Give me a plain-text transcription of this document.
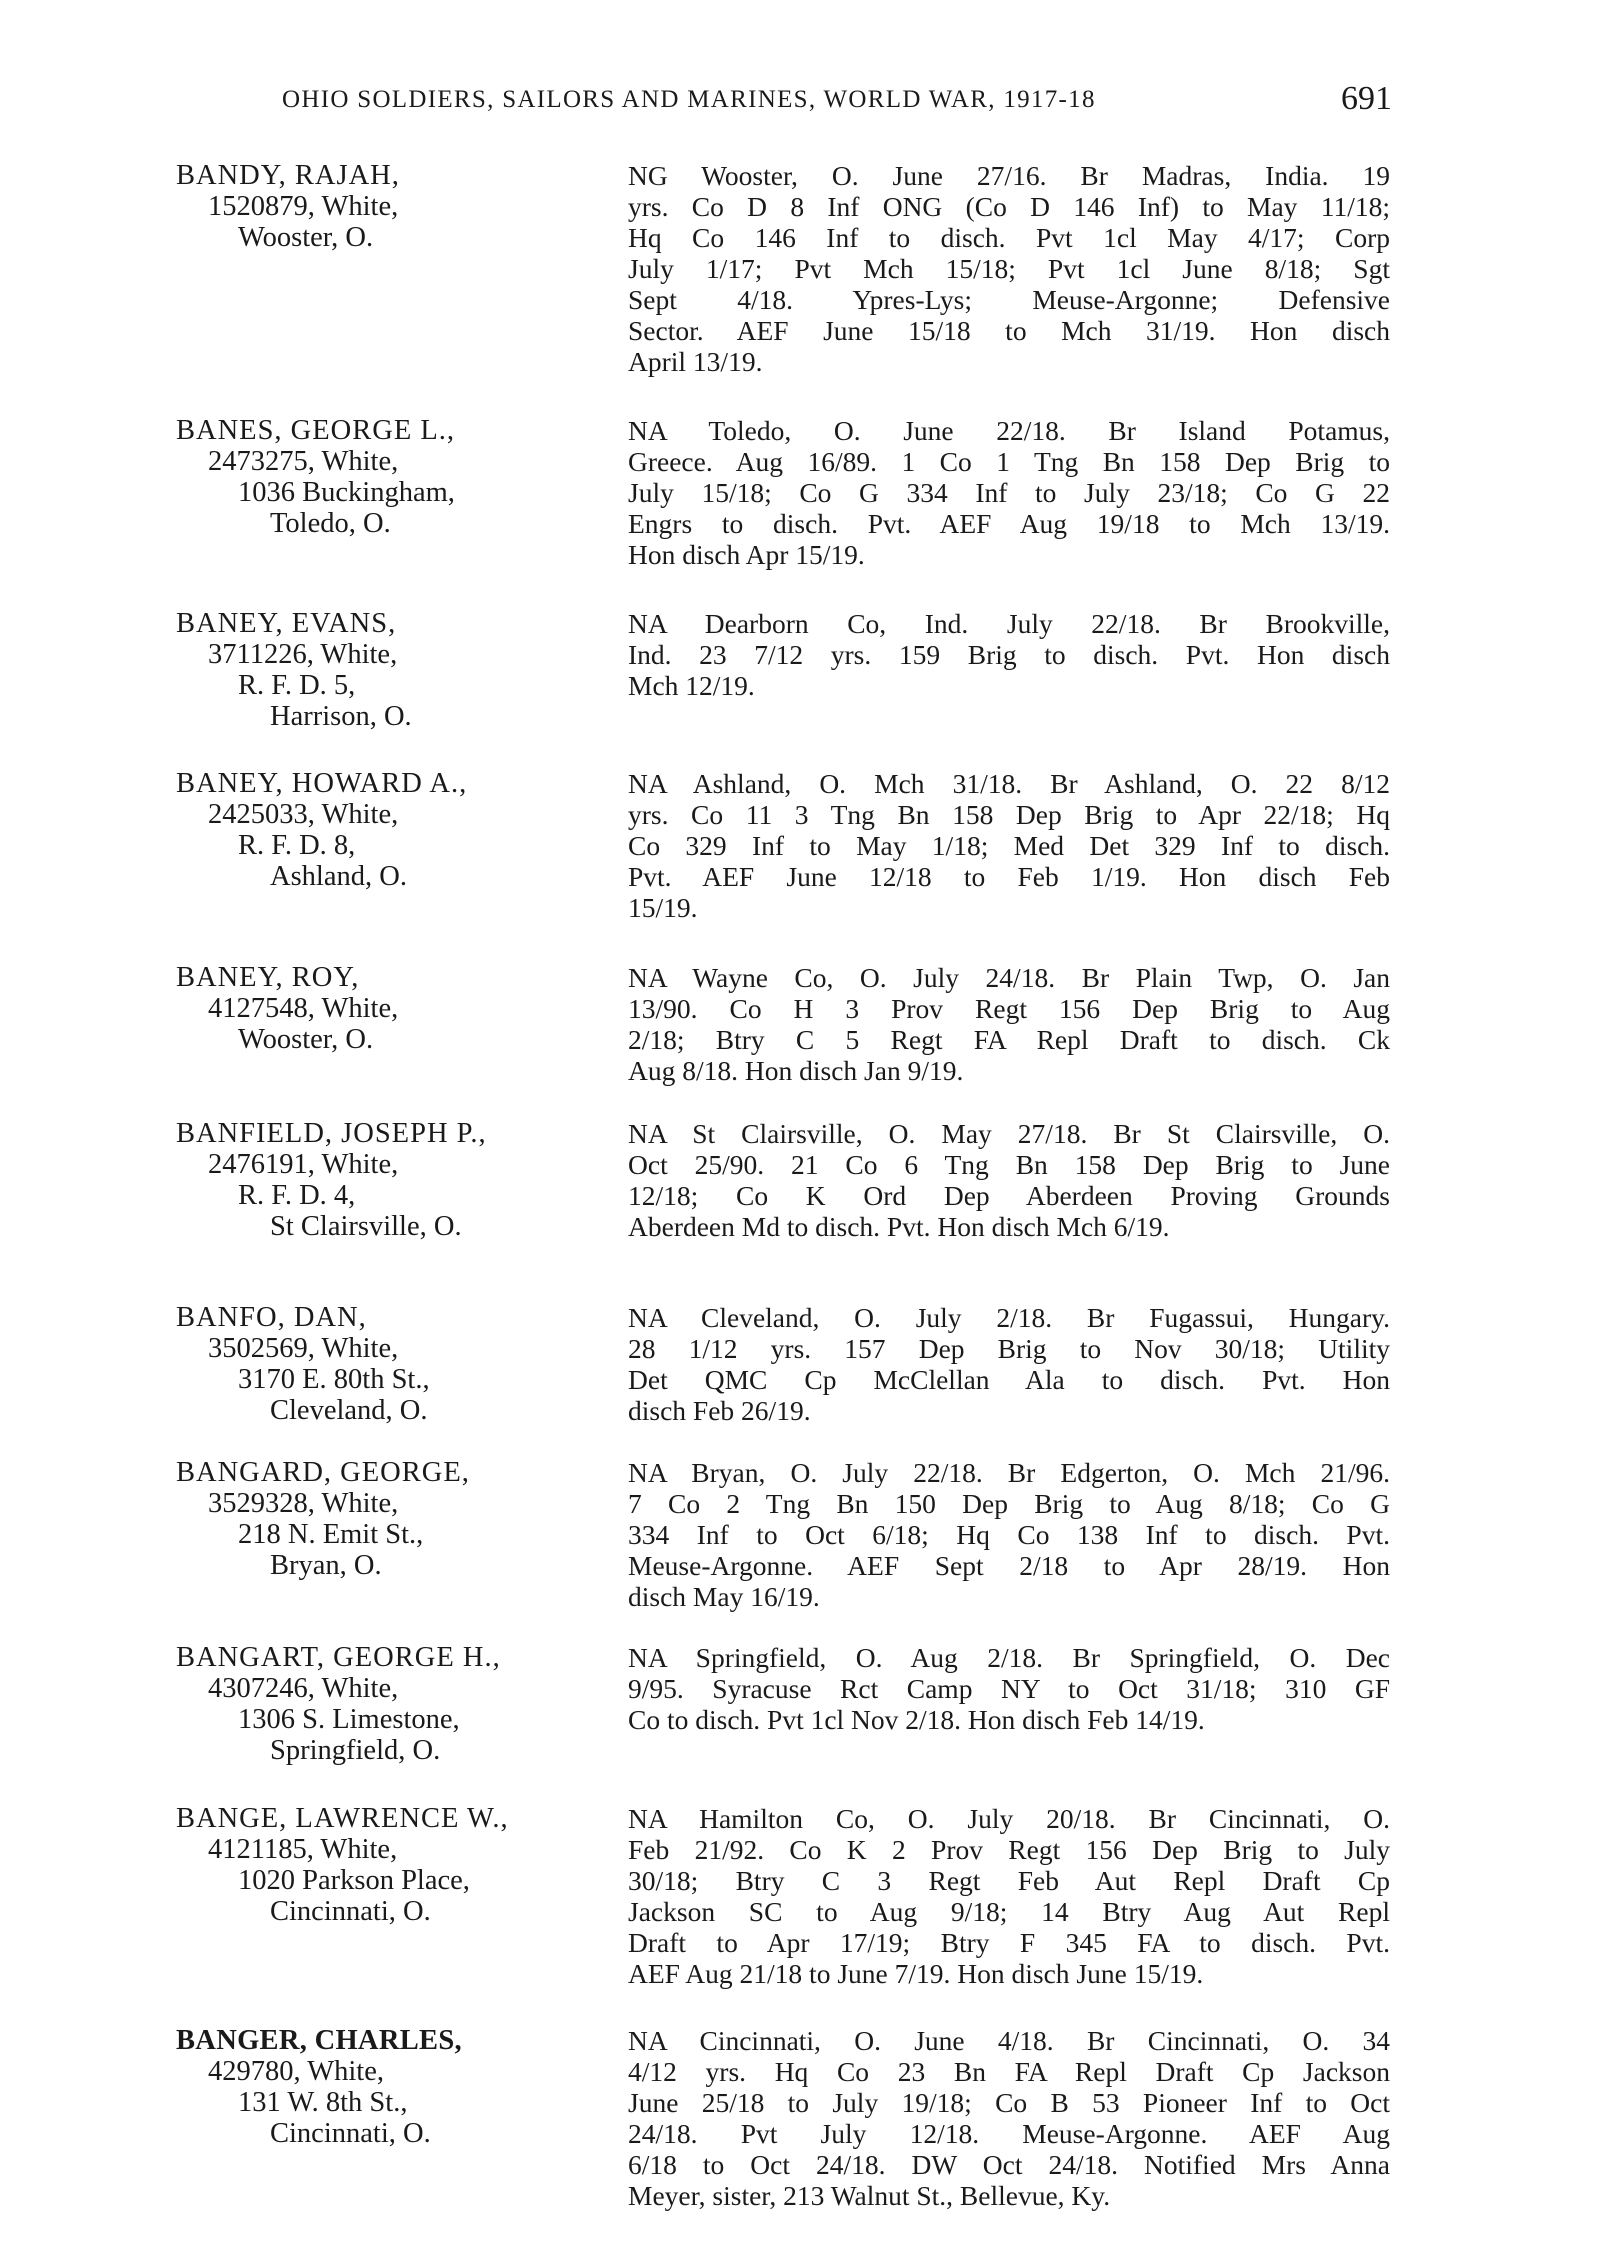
OHIO SOLDIERS, SAILORS AND MARINES, WORLD WAR, 1917-18	691
BANDY, RAJAH,
1520879, White,
Wooster, O.
NG Wooster, O. June 27/16. Br Madras, India. 19
yrs. Co D 8 Inf ONG (Co D 146 Inf) to May 11/18;
Hq Co 146 Inf to disch. Pvt 1cl May 4/17; Corp
July 1/17; Pvt Mch 15/18; Pvt 1cl June 8/18; Sgt
Sept 4/18. Ypres-Lys; Meuse-Argonne; Defensive
Sector. AEF June 15/18 to Mch 31/19. Hon disch
April 13/19.
BANES, GEORGE L.,
2473275, White,
1036 Buckingham,
Toledo, O.
NA Toledo, O. June 22/18. Br Island Potamus,
Greece. Aug 16/89. 1 Co 1 Tng Bn 158 Dep Brig to
July 15/18; Co G 334 Inf to July 23/18; Co G 22
Engrs to disch. Pvt. AEF Aug 19/18 to Mch 13/19.
Hon disch Apr 15/19.
BANEY, EVANS,
3711226, White,
R. F. D. 5,
Harrison, O.
NA Dearborn Co, Ind. July 22/18. Br Brookville,
Ind. 23 7/12 yrs. 159 Brig to disch. Pvt. Hon disch
Mch 12/19.
BANEY, HOWARD A.,
2425033, White,
R. F. D. 8,
Ashland, O.
NA Ashland, O. Mch 31/18. Br Ashland, O. 22 8/12
yrs. Co 11 3 Tng Bn 158 Dep Brig to Apr 22/18; Hq
Co 329 Inf to May 1/18; Med Det 329 Inf to disch.
Pvt. AEF June 12/18 to Feb 1/19. Hon disch Feb
15/19.
BANEY, ROY,
4127548, White,
Wooster, O.
NA Wayne Co, O. July 24/18. Br Plain Twp, O. Jan
13/90. Co H 3 Prov Regt 156 Dep Brig to Aug
2/18; Btry C 5 Regt FA Repl Draft to disch. Ck
Aug 8/18. Hon disch Jan 9/19.
BANFIELD, JOSEPH P.,
2476191, White,
R. F. D. 4,
St Clairsville, O.
NA St Clairsville, O. May 27/18. Br St Clairsville, O.
Oct 25/90. 21 Co 6 Tng Bn 158 Dep Brig to June
12/18; Co K Ord Dep Aberdeen Proving Grounds
Aberdeen Md to disch. Pvt. Hon disch Mch 6/19.
BANFO, DAN,
3502569, White,
3170 E. 80th St.,
Cleveland, O.
NA Cleveland, O. July 2/18. Br Fugassui, Hungary.
28 1/12 yrs. 157 Dep Brig to Nov 30/18; Utility
Det QMC Cp McClellan Ala to disch. Pvt. Hon
disch Feb 26/19.
BANGARD, GEORGE,
3529328, White,
218 N. Emit St.,
Bryan, O.
NA Bryan, O. July 22/18. Br Edgerton, O. Mch 21/96.
7 Co 2 Tng Bn 150 Dep Brig to Aug 8/18; Co G
334 Inf to Oct 6/18; Hq Co 138 Inf to disch. Pvt.
Meuse-Argonne. AEF Sept 2/18 to Apr 28/19. Hon
disch May 16/19.
BANGART, GEORGE H.,
4307246, White,
1306 S. Limestone,
Springfield, O.
NA Springfield, O. Aug 2/18. Br Springfield, O. Dec
9/95. Syracuse Rct Camp NY to Oct 31/18; 310 GF
Co to disch. Pvt 1cl Nov 2/18. Hon disch Feb 14/19.
BANGE, LAWRENCE W.,
4121185, White,
1020 Parkson Place,
Cincinnati, O.
NA Hamilton Co, O. July 20/18. Br Cincinnati, O.
Feb 21/92. Co K 2 Prov Regt 156 Dep Brig to July
30/18; Btry C 3 Regt Feb Aut Repl Draft Cp
Jackson SC to Aug 9/18; 14 Btry Aug Aut Repl
Draft to Apr 17/19; Btry F 345 FA to disch. Pvt.
AEF Aug 21/18 to June 7/19. Hon disch June 15/19.
BANGER, CHARLES,
429780, White,
131 W. 8th St.,
Cincinnati, O.
NA Cincinnati, O. June 4/18. Br Cincinnati, O. 34
4/12 yrs. Hq Co 23 Bn FA Repl Draft Cp Jackson
June 25/18 to July 19/18; Co B 53 Pioneer Inf to Oct
24/18. Pvt July 12/18. Meuse-Argonne. AEF Aug
6/18 to Oct 24/18. DW Oct 24/18. Notified Mrs Anna
Meyer, sister, 213 Walnut St., Bellevue, Ky.
